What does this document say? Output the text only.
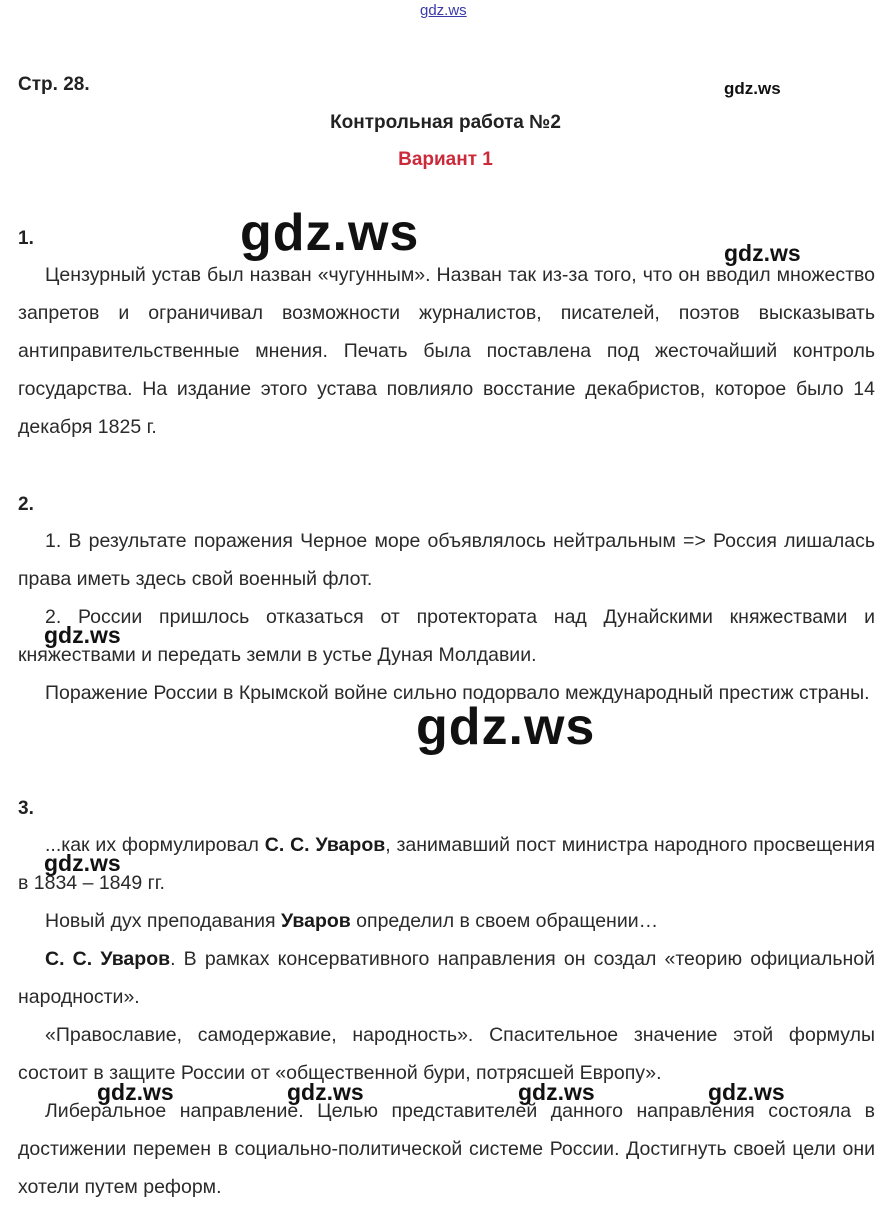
gdz.ws
Стр. 28.	gdz.ws
Контрольная работа №2
Вариант 1
1.
Цензурный устав был назван «чугунным». Назван так из-за того, что он вводил множество запретов и ограничивал возможности журналистов, писателей, поэтов высказывать антиправительственные мнения. Печать была поставлена под жесточайший контроль государства. На издание этого устава повлияло восстание декабристов, которое было 14 декабря 1825 г.
gdz.ws	gdz.ws
2.
1. В результате поражения Черное море объявлялось нейтральным => Россия лишалась права иметь здесь свой военный флот.
2. России пришлось отказаться от протектората над Дунайскими княжествами и княжествами и передать земли в устье Дуная Молдавии.
Поражение России в Крымской войне сильно подорвало международный престиж страны.
gdz.ws
gdz.ws
3.
...как их формулировал С. С. Уваров, занимавший пост министра народного просвещения в 1834 – 1849 гг.
Новый дух преподавания Уваров определил в своем обращении…
С. С. Уваров. В рамках консервативного направления он создал «теорию официальной народности».
«Православие, самодержавие, народность». Спасительное значение этой формулы состоит в защите России от «общественной бури, потрясшей Европу».
Либеральное направление. Целью представителей данного направления состояла в достижении перемен в социально-политической системе России. Достигнуть своей цели они хотели путем реформ.
gdz.ws
gdz.ws	gdz.ws	gdz.ws	gdz.ws
